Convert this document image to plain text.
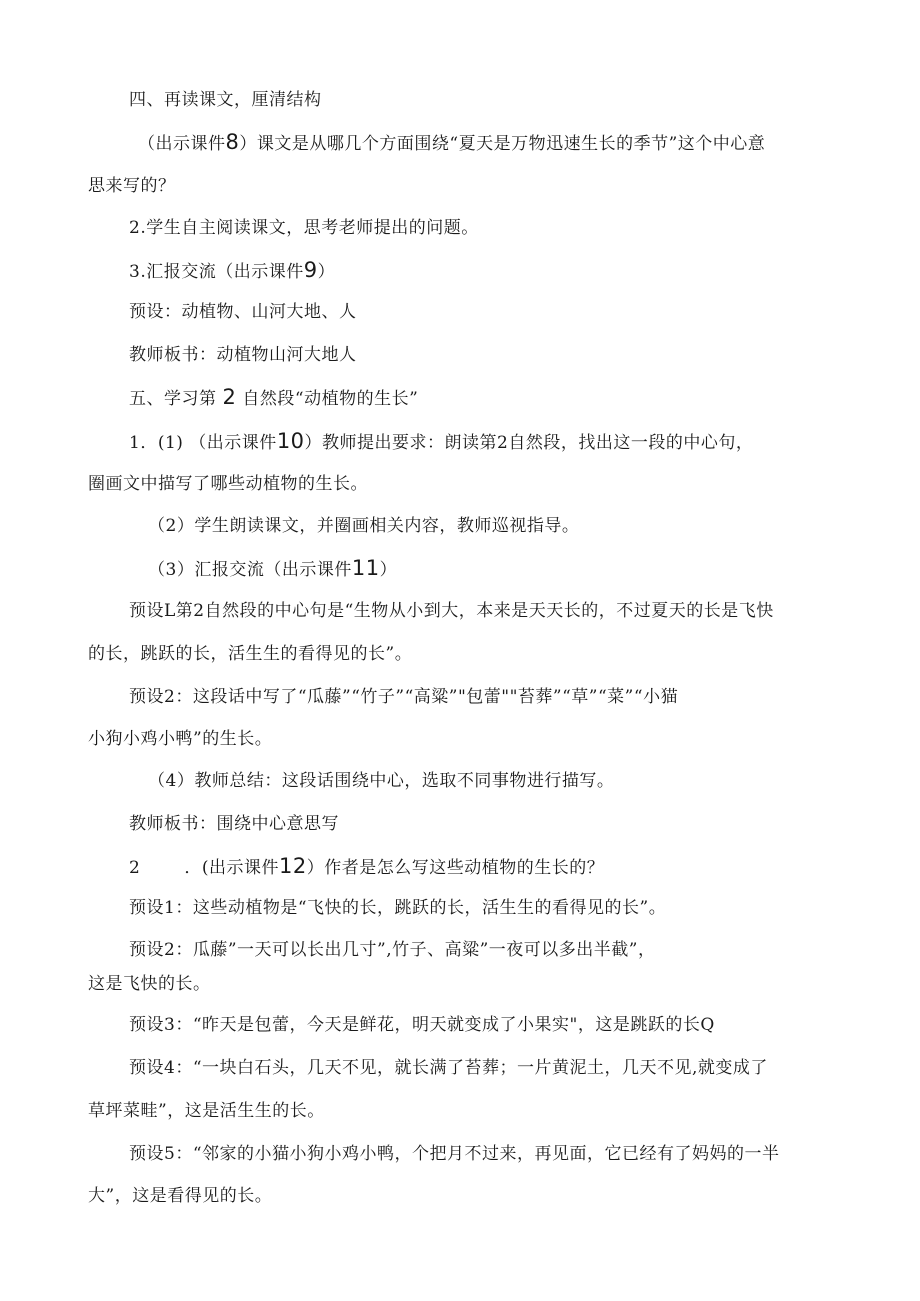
四、再读课文，厘清结构
（出示课件8）课文是从哪几个方面围绕“夏天是万物迅速生长的季节”这个中心意
思来写的？
2.学生自主阅读课文，思考老师提出的问题。
3.汇报交流（出示课件9）
预设：动植物、山河大地、人
教师板书：动植物山河大地人
五、学习第 2 自然段“动植物的生长”
1．(1) （出示课件10）教师提出要求：朗读第2自然段，找出这一段的中心句，
圈画文中描写了哪些动植物的生长。
（2）学生朗读课文，并圈画相关内容，教师巡视指导。
（3）汇报交流（出示课件11）
预设L第2自然段的中心句是“生物从小到大，本来是天天长的，不过夏天的长是飞快
的长，跳跃的长，活生生的看得见的长”。
预设2：这段话中写了“瓜藤”“竹子”“高粱”"包蕾""苔葬”“草”“菜”“小猫
小狗小鸡小鸭”的生长。
（4）教师总结：这段话围绕中心，选取不同事物进行描写。
教师板书：围绕中心意思写
2	．(出示课件12）作者是怎么写这些动植物的生长的？
预设1：这些动植物是“飞快的长，跳跃的长，活生生的看得见的长”。
预设2：瓜藤”一天可以长出几寸”,竹子、高粱”一夜可以多出半截”，
这是飞快的长。
预设3：“昨天是包蕾，今天是鲜花，明天就变成了小果实"，这是跳跃的长Q
预设4：“一块白石头，几天不见，就长满了苔葬；一片黄泥土，几天不见,就变成了
草坪菜畦”，这是活生生的长。
预设5：“邻家的小猫小狗小鸡小鸭，个把月不过来，再见面，它已经有了妈妈的一半
大”，这是看得见的长。
